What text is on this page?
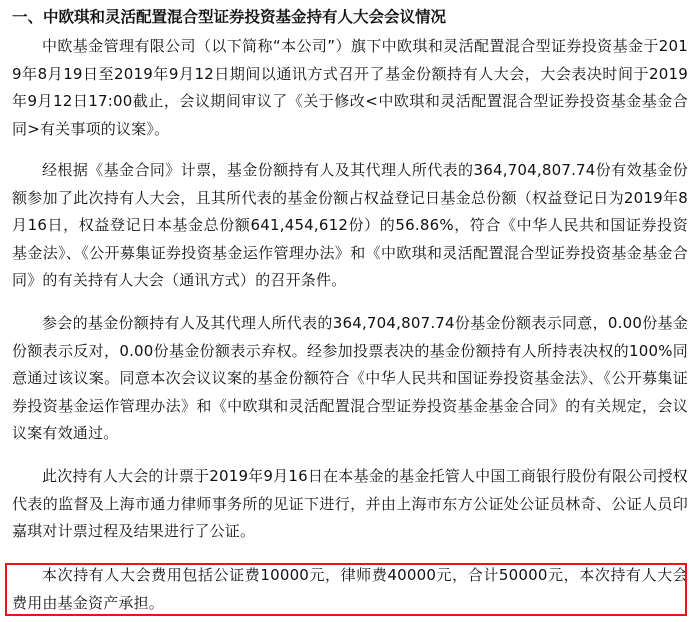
一、中欧琪和灵活配置混合型证券投资基金持有人大会会议情况

中欧基金管理有限公司（以下简称“本公司”）旗下中欧琪和灵活配置混合型证券投资基金于2019年8月19日至2019年9月12日期间以通讯方式召开了基金份额持有人大会，大会表决时间于2019年9月12日17:00截止，会议期间审议了《关于修改<中欧琪和灵活配置混合型证券投资基金基金合同>有关事项的议案》。

经根据《基金合同》计票，基金份额持有人及其代理人所代表的364,704,807.74份有效基金份额参加了此次持有人大会，且其所代表的基金份额占权益登记日基金总份额（权益登记日为2019年8月16日，权益登记日本基金总份额641,454,612份）的56.86%，符合《中华人民共和国证券投资基金法》、《公开募集证券投资基金运作管理办法》和《中欧琪和灵活配置混合型证券投资基金基金合同》的有关持有人大会（通讯方式）的召开条件。

参会的基金份额持有人及其代理人所代表的364,704,807.74份基金份额表示同意，0.00份基金份额表示反对，0.00份基金份额表示弃权。经参加投票表决的基金份额持有人所持表决权的100%同意通过该议案。同意本次会议议案的基金份额符合《中华人民共和国证券投资基金法》、《公开募集证券投资基金运作管理办法》和《中欧琪和灵活配置混合型证券投资基金基金合同》的有关规定，会议议案有效通过。

此次持有人大会的计票于2019年9月16日在本基金的基金托管人中国工商银行股份有限公司授权代表的监督及上海市通力律师事务所的见证下进行，并由上海市东方公证处公证员林奇、公证人员印嘉琪对计票过程及结果进行了公证。

本次持有人大会费用包括公证费10000元，律师费40000元，合计50000元，本次持有人大会费用由基金资产承担。
